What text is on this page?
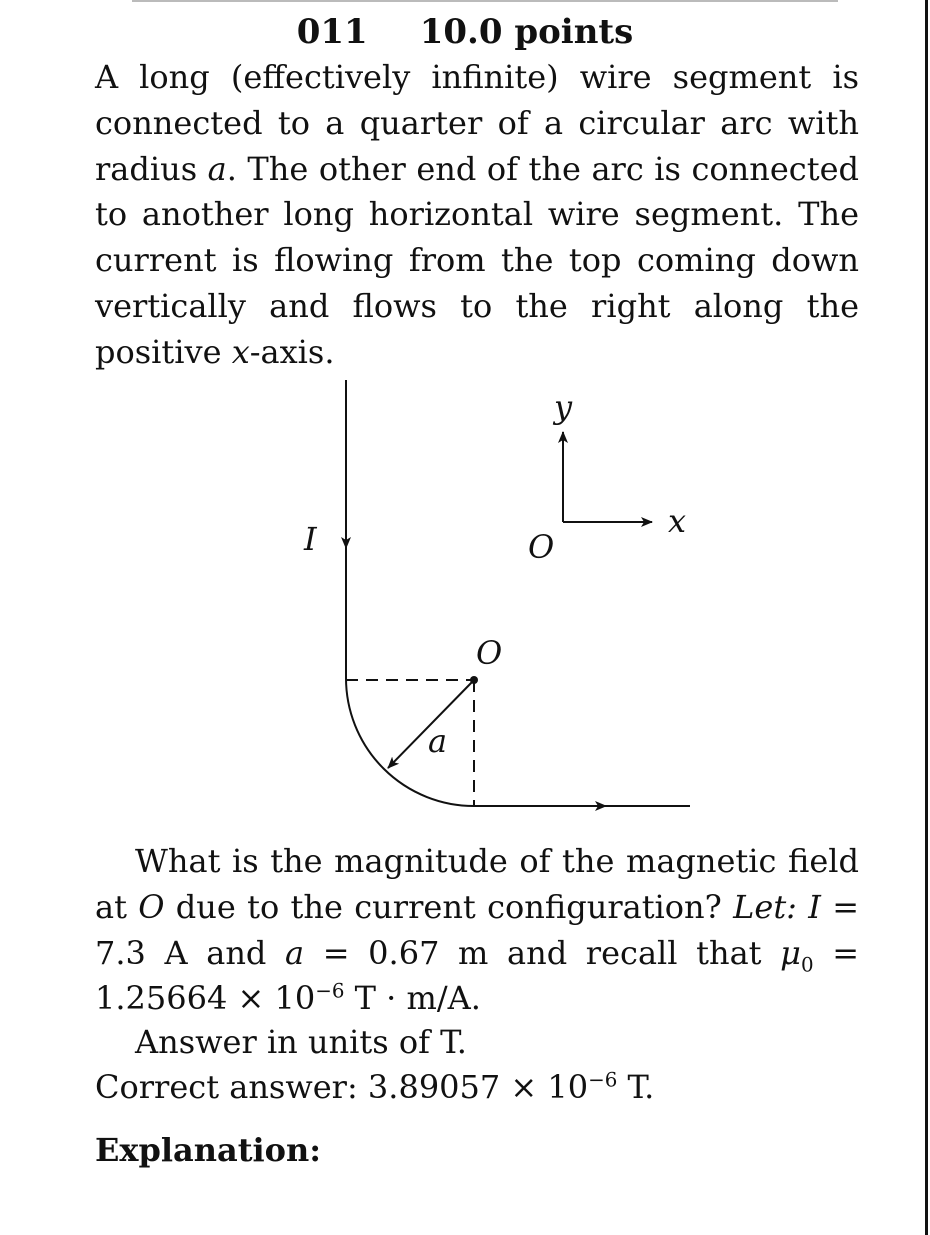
011 10.0 points
A long (effectively infinite) wire segment is connected to a quarter of a circular arc with radius a. The other end of the arc is connected to another long horizontal wire segment. The current is flowing from the top coming down vertically and flows to the right along the positive x-axis.
I
O
a
y
x
O
What is the magnitude of the magnetic field at O due to the current configuration? Let: I = 7.3 A and a = 0.67 m and recall that $\mu_0 = 1.25664 \times 10^{-6}$ T · m/A.
Answer in units of T.
Correct answer: $3.89057 \times 10^{-6}$ T.
Explanation:
